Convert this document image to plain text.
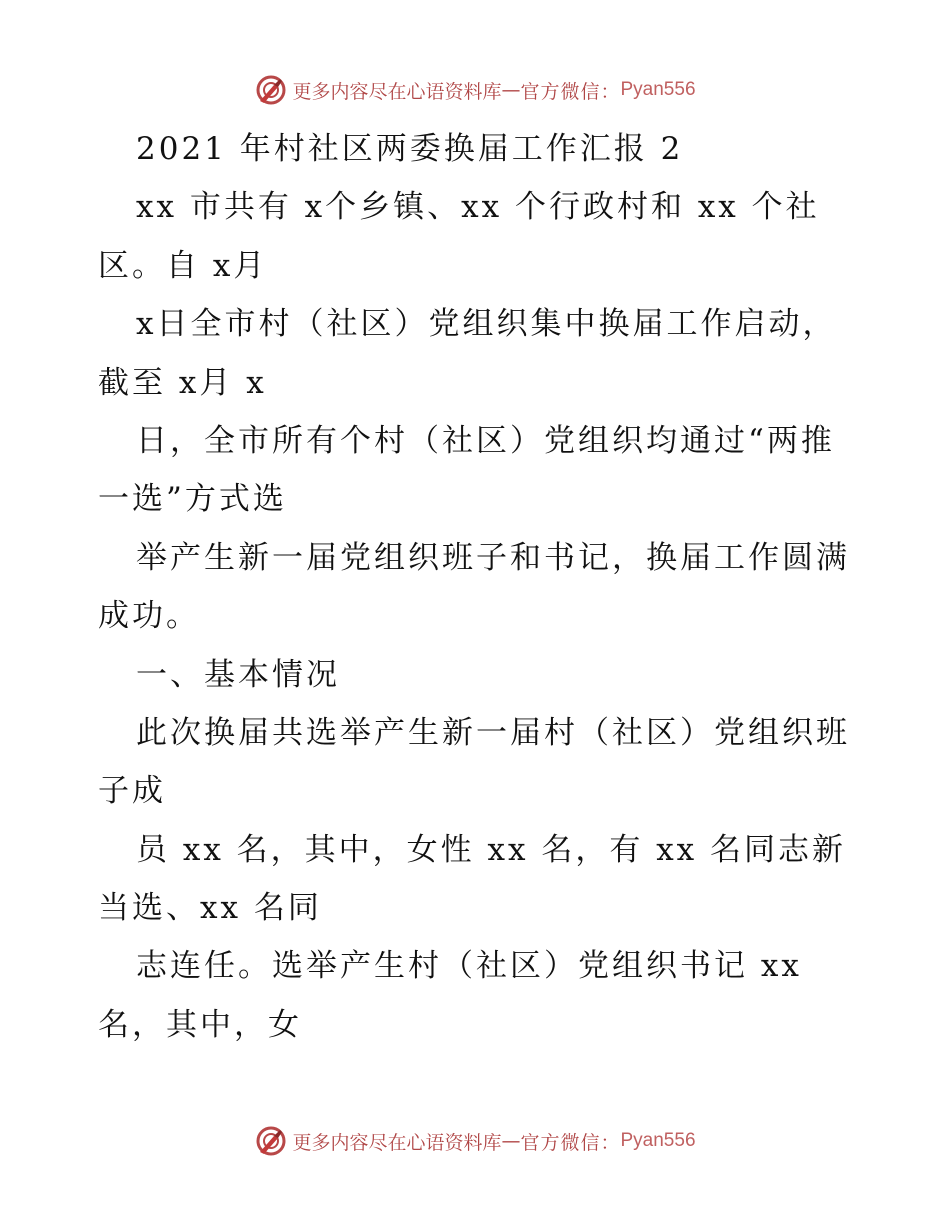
更多内容尽在心语资料库 — 官方微信： Pyan556
2021 年村社区两委换届工作汇报 2
xx 市共有 x个乡镇、xx 个行政村和 xx 个社
区。自 x月
x日全市村（社区）党组织集中换届工作启动，
截至 x月 x
日，全市所有个村（社区）党组织均通过“两推
一选”方式选
举产生新一届党组织班子和书记，换届工作圆满
成功。
一、基本情况
此次换届共选举产生新一届村（社区）党组织班
子成
员 xx 名，其中，女性 xx 名，有 xx 名同志新
当选、xx 名同
志连任。选举产生村（社区）党组织书记 xx
名，其中，女
更多内容尽在心语资料库 — 官方微信： Pyan556
